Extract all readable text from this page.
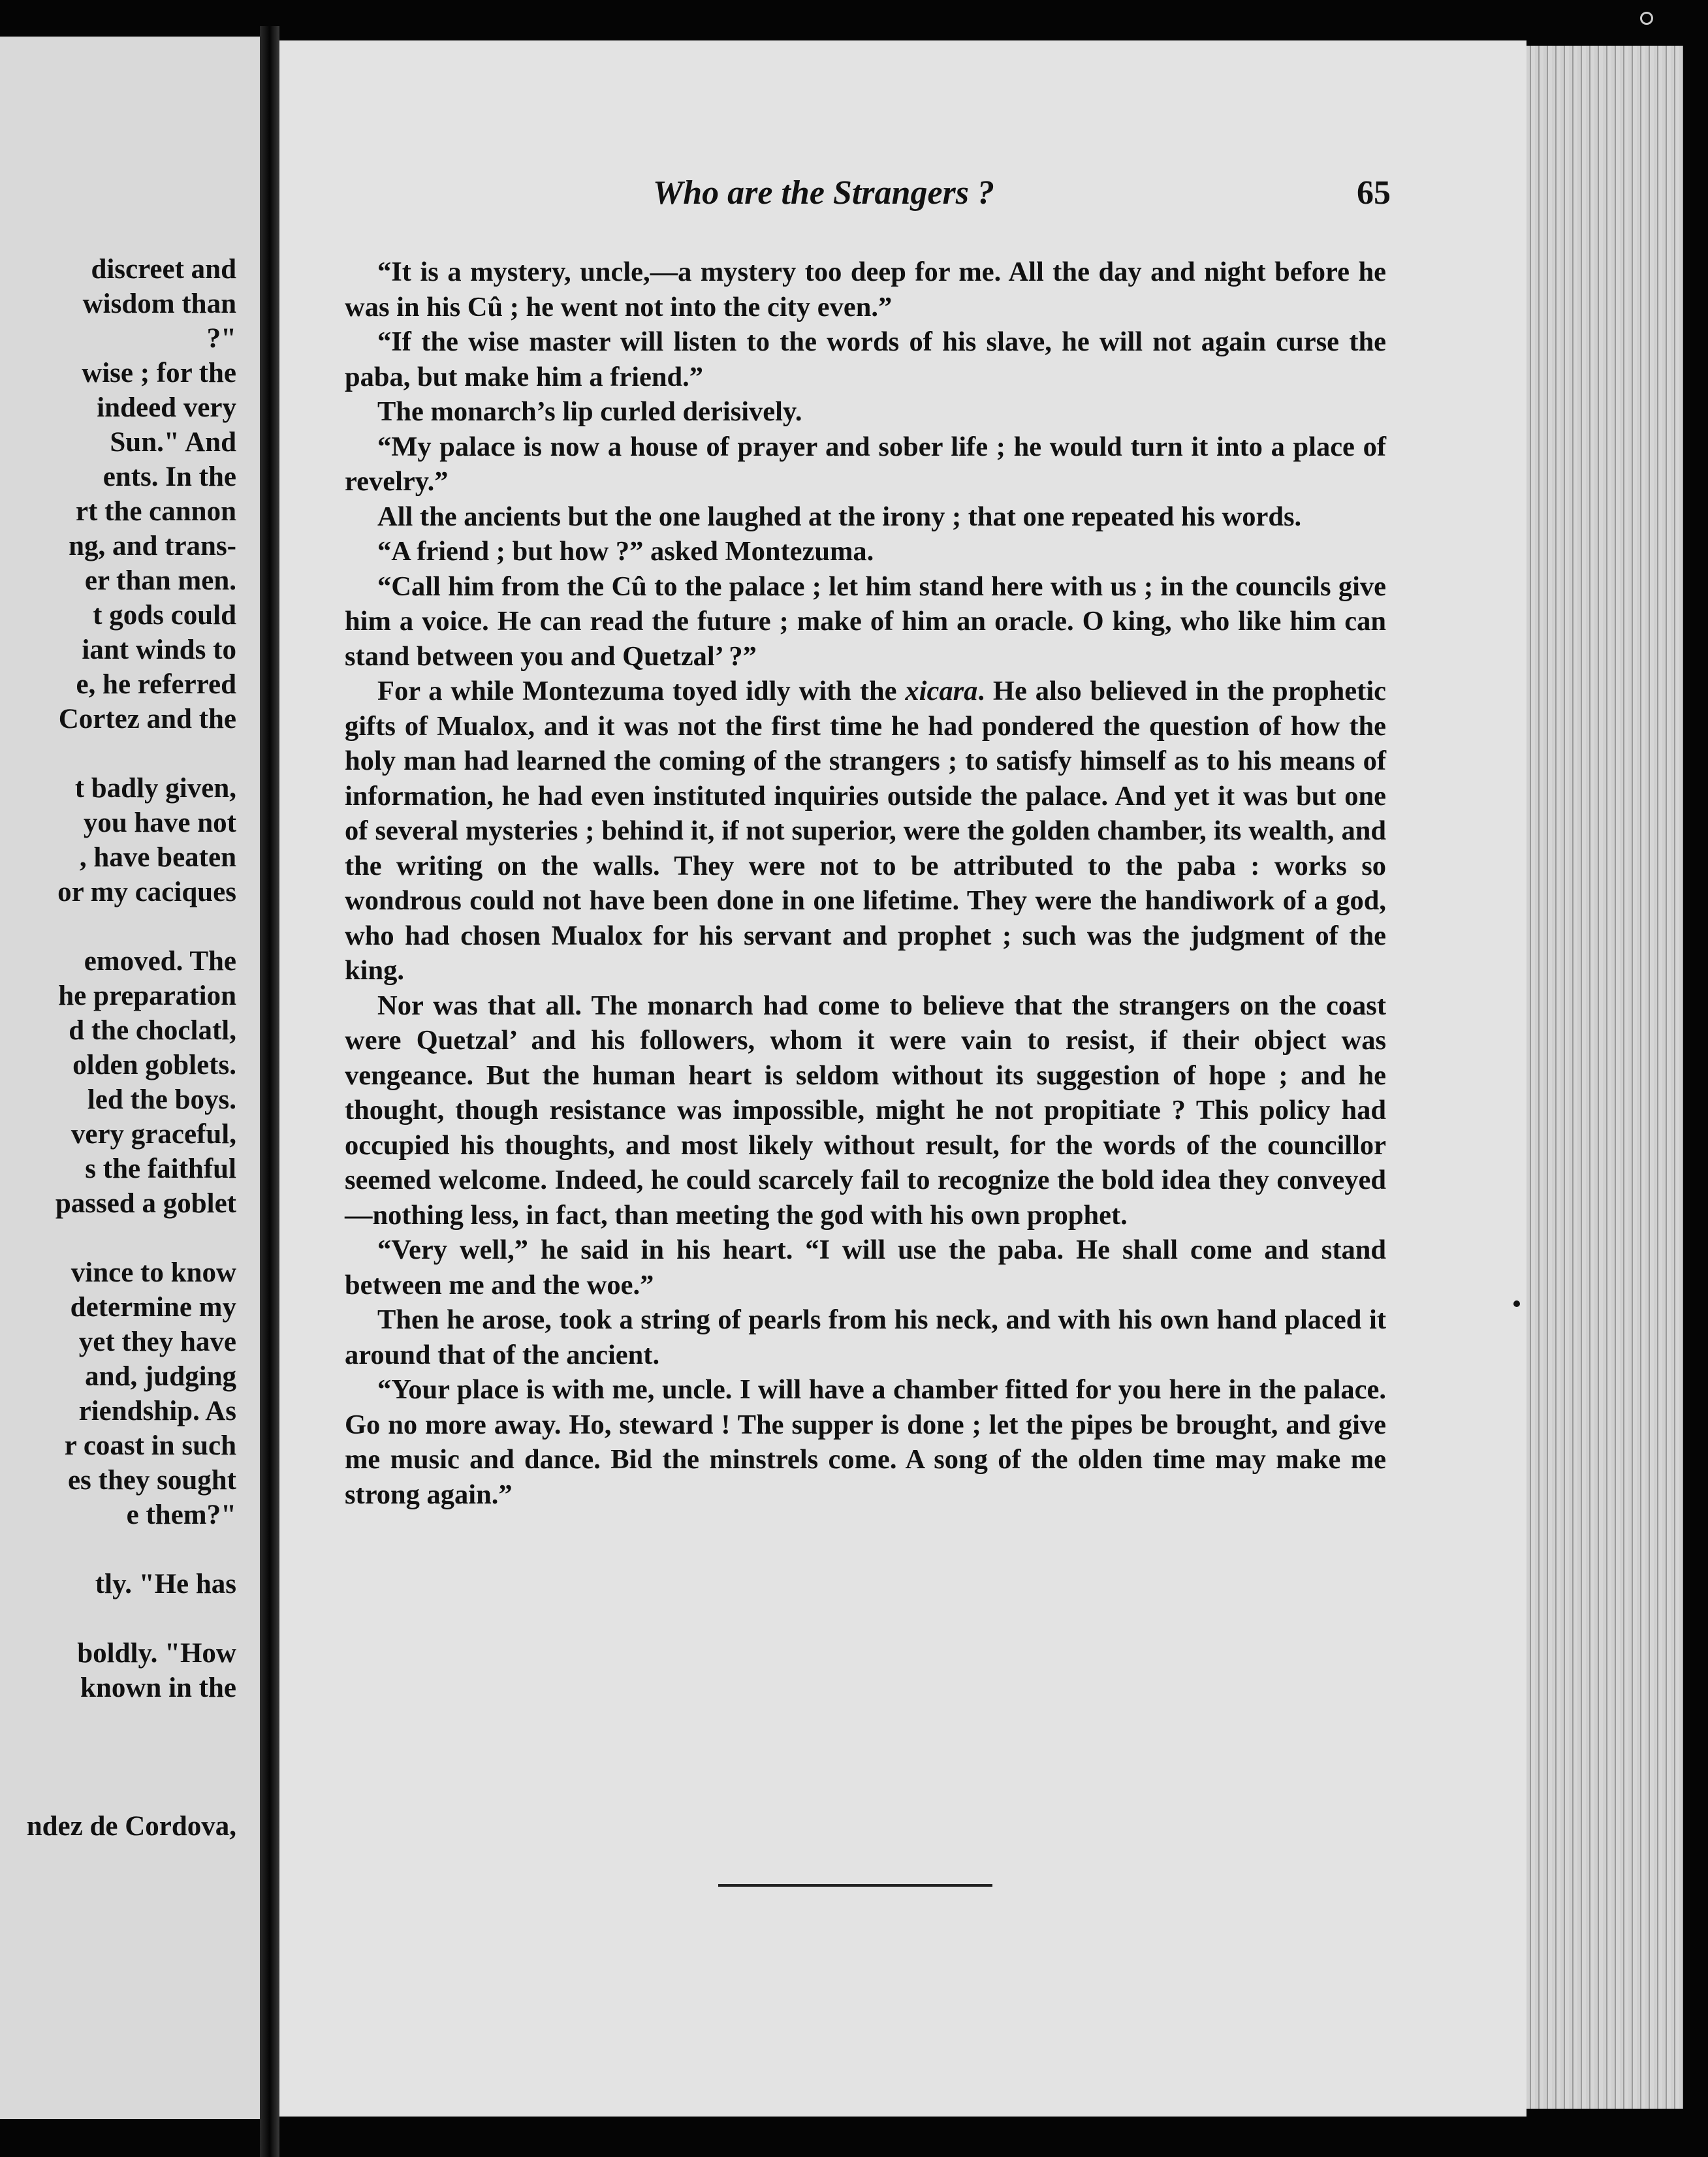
discreet and
wisdom than
?"
wise ; for the
indeed very
Sun." And
ents. In the
rt the cannon
ng, and trans-
er than men.
t gods could
iant winds to
e, he referred
Cortez and the
t badly given,
you have not
, have beaten
or my caciques
emoved. The
he preparation
d the choclatl,
olden goblets.
led the boys.
very graceful,
s the faithful
passed a goblet
vince to know
determine my
yet they have
and, judging
riendship. As
r coast in such
es they sought
e them?"
tly. "He has
boldly. "How
known in the
ndez de Cordova,
Who are the Strangers ?	65

“It is a mystery, uncle,—a mystery too deep for me. All the day and night before he was in his Cû ; he went not into the city even.”

“If the wise master will listen to the words of his slave, he will not again curse the paba, but make him a friend.”

The monarch’s lip curled derisively.

“My palace is now a house of prayer and sober life ; he would turn it into a place of revelry.”

All the ancients but the one laughed at the irony ; that one repeated his words.

“A friend ; but how ?” asked Montezuma.

“Call him from the Cû to the palace ; let him stand here with us ; in the councils give him a voice. He can read the future ; make of him an oracle. O king, who like him can stand between you and Quetzal’ ?”

For a while Montezuma toyed idly with the xicara. He also believed in the prophetic gifts of Mualox, and it was not the first time he had pondered the question of how the holy man had learned the coming of the strangers ; to satisfy himself as to his means of information, he had even instituted inquiries outside the palace. And yet it was but one of several mysteries ; behind it, if not superior, were the golden chamber, its wealth, and the writing on the walls. They were not to be attributed to the paba : works so wondrous could not have been done in one lifetime. They were the handiwork of a god, who had chosen Mualox for his servant and prophet ; such was the judgment of the king.

Nor was that all. The monarch had come to believe that the strangers on the coast were Quetzal’ and his followers, whom it were vain to resist, if their object was vengeance. But the human heart is seldom without its suggestion of hope ; and he thought, though resistance was impossible, might he not propitiate ? This policy had occupied his thoughts, and most likely without result, for the words of the councillor seemed welcome. Indeed, he could scarcely fail to recognize the bold idea they conveyed—nothing less, in fact, than meeting the god with his own prophet.

“Very well,” he said in his heart. “I will use the paba. He shall come and stand between me and the woe.”

Then he arose, took a string of pearls from his neck, and with his own hand placed it around that of the ancient.

“Your place is with me, uncle. I will have a chamber fitted for you here in the palace. Go no more away. Ho, steward ! The supper is done ; let the pipes be brought, and give me music and dance. Bid the minstrels come. A song of the olden time may make me strong again.”
